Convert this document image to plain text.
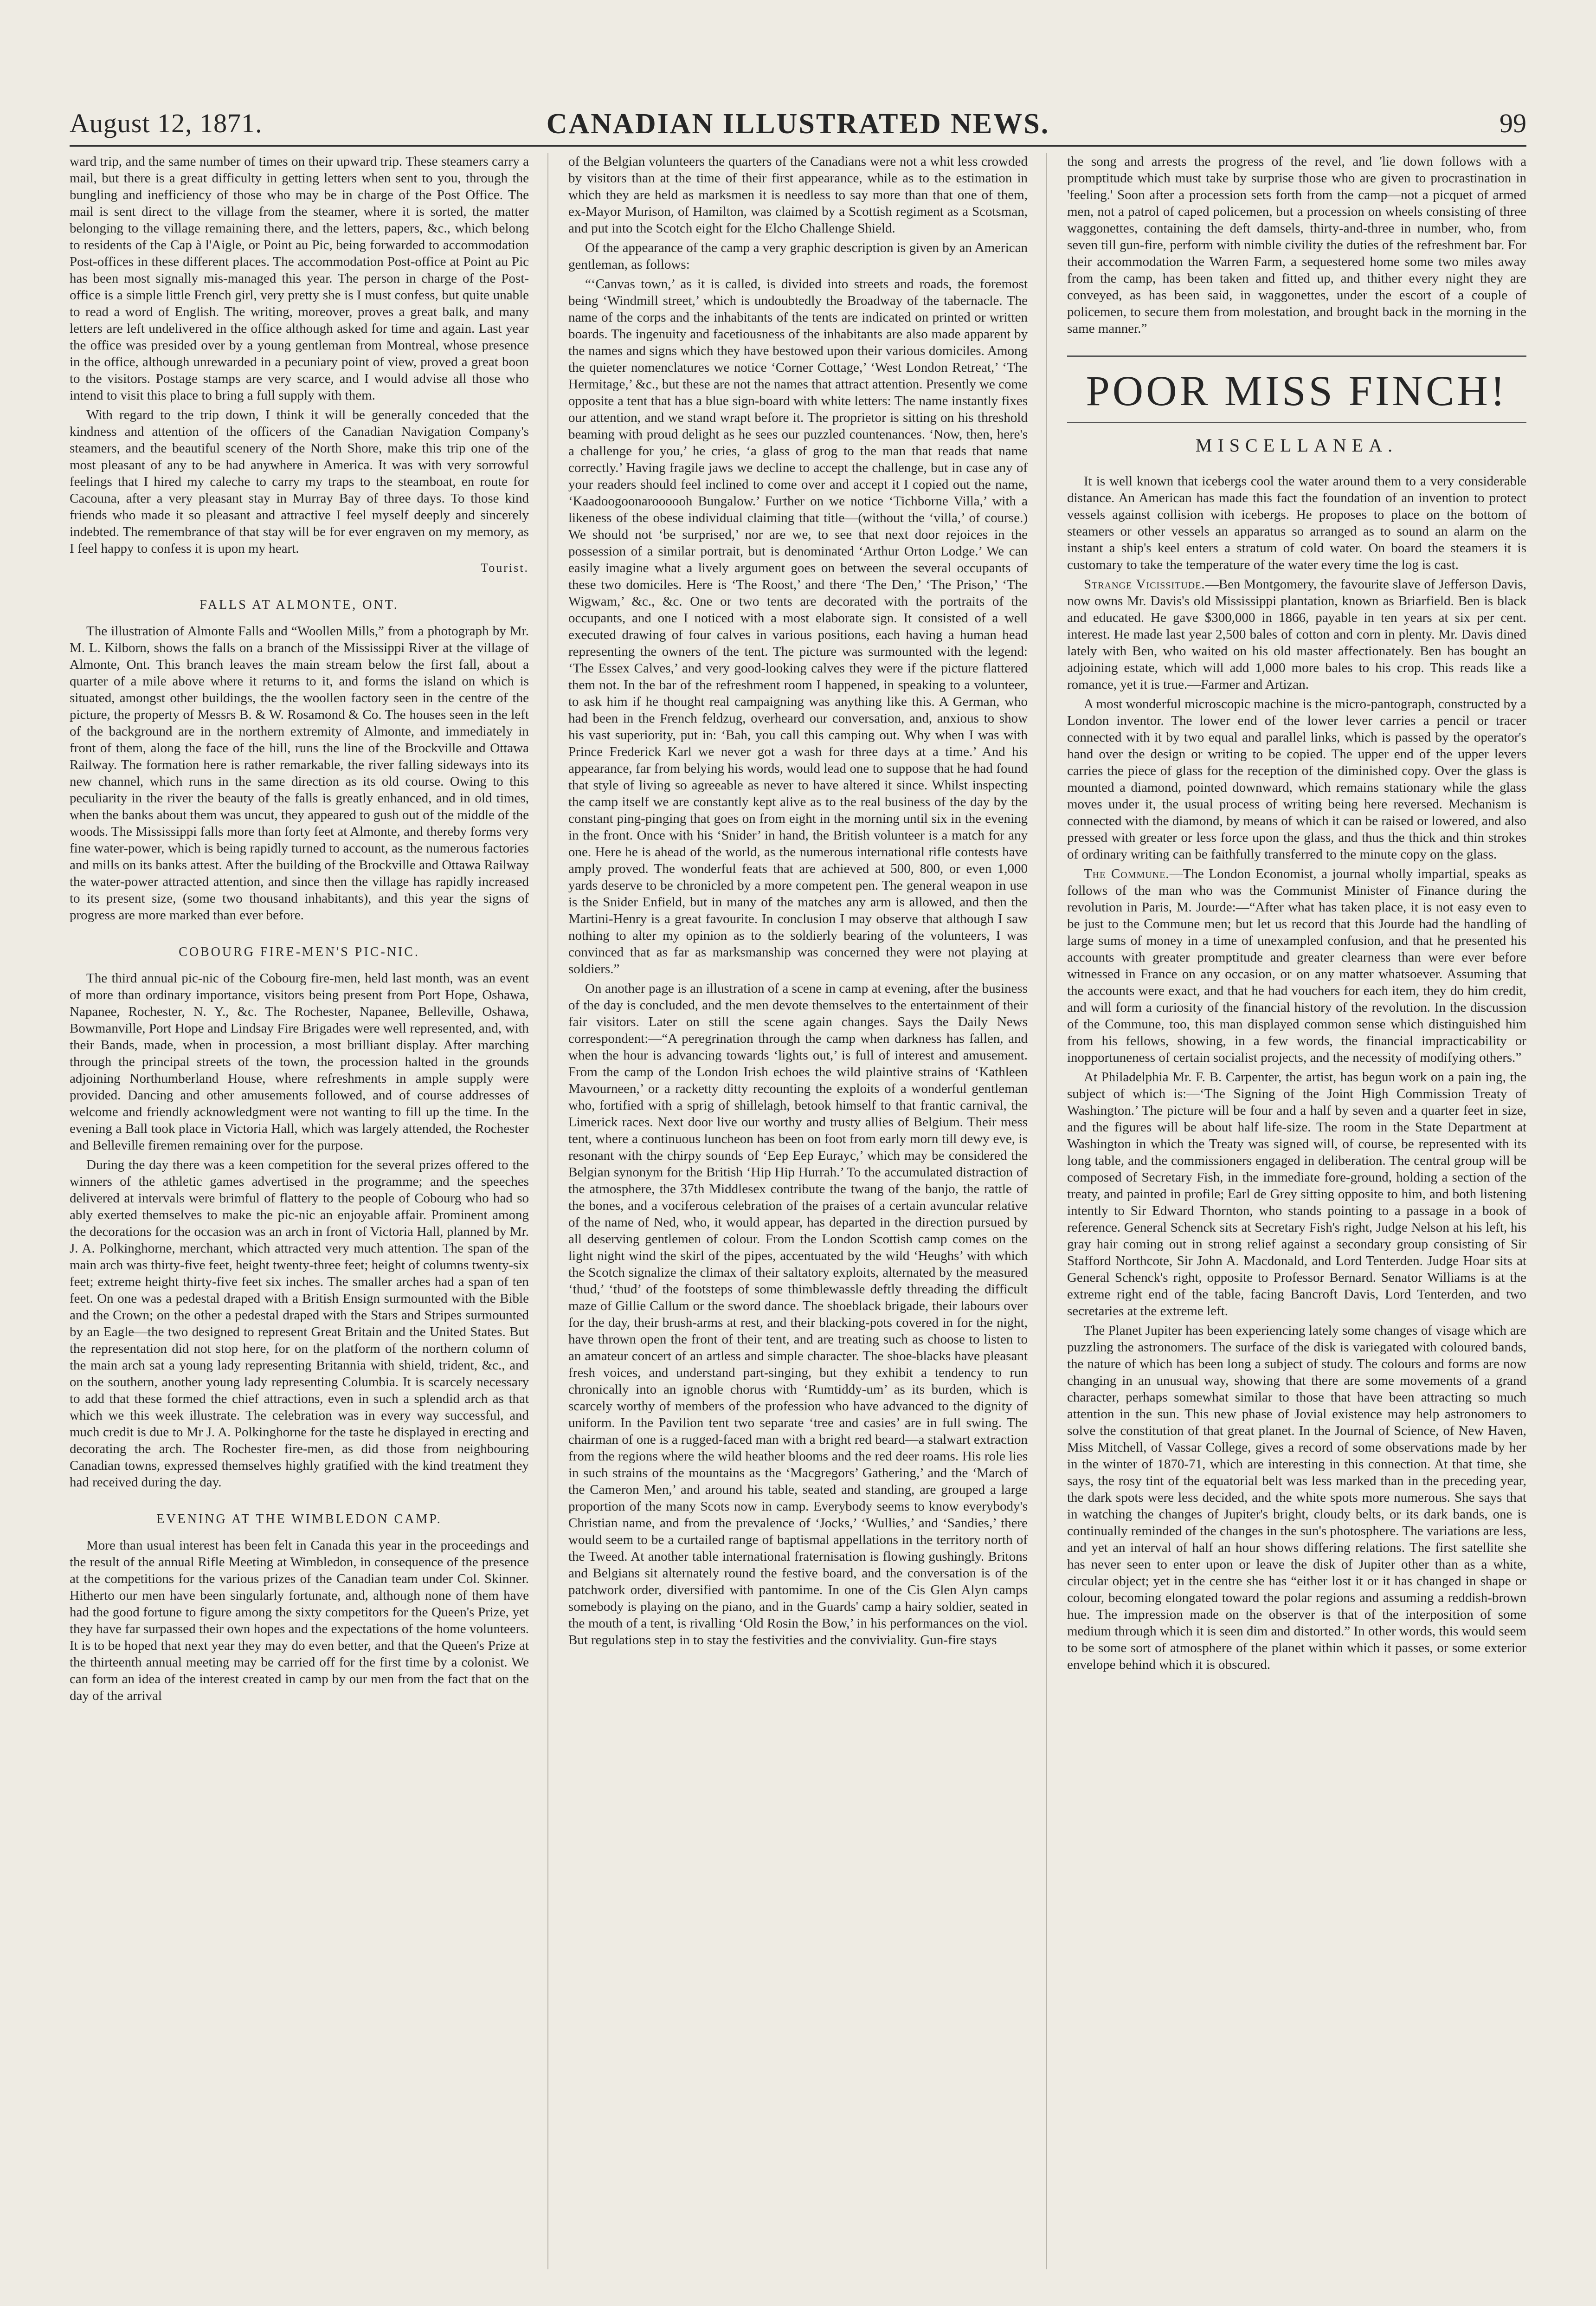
August 12, 1871.	CANADIAN ILLUSTRATED NEWS.	99

ward trip, and the same number of times on their upward trip. These steamers carry a mail, but there is a great difficulty in getting letters when sent to you, through the bungling and inefficiency of those who may be in charge of the Post Office. The mail is sent direct to the village from the steamer, where it is sorted, the matter belonging to the village remaining there, and the letters, papers, &c., which belong to residents of the Cap à l'Aigle, or Point au Pic, being forwarded to accommodation Post-offices in these different places. The accommodation Post-office at Point au Pic has been most signally mis-managed this year. The person in charge of the Post-office is a simple little French girl, very pretty she is I must confess, but quite unable to read a word of English. The writing, moreover, proves a great balk, and many letters are left undelivered in the office although asked for time and again. Last year the office was presided over by a young gentleman from Montreal, whose presence in the office, although unrewarded in a pecuniary point of view, proved a great boon to the visitors. Postage stamps are very scarce, and I would advise all those who intend to visit this place to bring a full supply with them.

With regard to the trip down, I think it will be generally conceded that the kindness and attention of the officers of the Canadian Navigation Company's steamers, and the beautiful scenery of the North Shore, make this trip one of the most pleasant of any to be had anywhere in America. It was with very sorrowful feelings that I hired my caleche to carry my traps to the steamboat, en route for Cacouna, after a very pleasant stay in Murray Bay of three days. To those kind friends who made it so pleasant and attractive I feel myself deeply and sincerely indebted. The remembrance of that stay will be for ever engraven on my memory, as I feel happy to confess it is upon my heart.

Tourist.

FALLS AT ALMONTE, ONT.

The illustration of Almonte Falls and “Woollen Mills,” from a photograph by Mr. M. L. Kilborn, shows the falls on a branch of the Mississippi River at the village of Almonte, Ont. This branch leaves the main stream below the first fall, about a quarter of a mile above where it returns to it, and forms the island on which is situated, amongst other buildings, the the woollen factory seen in the centre of the picture, the property of Messrs B. & W. Rosamond & Co. The houses seen in the left of the background are in the northern extremity of Almonte, and immediately in front of them, along the face of the hill, runs the line of the Brockville and Ottawa Railway. The formation here is rather remarkable, the river falling sideways into its new channel, which runs in the same direction as its old course. Owing to this peculiarity in the river the beauty of the falls is greatly enhanced, and in old times, when the banks about them was uncut, they appeared to gush out of the middle of the woods. The Mississippi falls more than forty feet at Almonte, and thereby forms very fine water-power, which is being rapidly turned to account, as the numerous factories and mills on its banks attest. After the building of the Brockville and Ottawa Railway the water-power attracted attention, and since then the village has rapidly increased to its present size, (some two thousand inhabitants), and this year the signs of progress are more marked than ever before.

COBOURG FIRE-MEN'S PIC-NIC.

The third annual pic-nic of the Cobourg fire-men, held last month, was an event of more than ordinary importance, visitors being present from Port Hope, Oshawa, Napanee, Rochester, N. Y., &c. The Rochester, Napanee, Belleville, Oshawa, Bowmanville, Port Hope and Lindsay Fire Brigades were well represented, and, with their Bands, made, when in procession, a most brilliant display. After marching through the principal streets of the town, the procession halted in the grounds adjoining Northumberland House, where refreshments in ample supply were provided. Dancing and other amusements followed, and of course addresses of welcome and friendly acknowledgment were not wanting to fill up the time. In the evening a Ball took place in Victoria Hall, which was largely attended, the Rochester and Belleville firemen remaining over for the purpose.

During the day there was a keen competition for the several prizes offered to the winners of the athletic games advertised in the programme; and the speeches delivered at intervals were brimful of flattery to the people of Cobourg who had so ably exerted themselves to make the pic-nic an enjoyable affair. Prominent among the decorations for the occasion was an arch in front of Victoria Hall, planned by Mr. J. A. Polkinghorne, merchant, which attracted very much attention. The span of the main arch was thirty-five feet, height twenty-three feet; height of columns twenty-six feet; extreme height thirty-five feet six inches. The smaller arches had a span of ten feet. On one was a pedestal draped with a British Ensign surmounted with the Bible and the Crown; on the other a pedestal draped with the Stars and Stripes surmounted by an Eagle—the two designed to represent Great Britain and the United States. But the representation did not stop here, for on the platform of the northern column of the main arch sat a young lady representing Britannia with shield, trident, &c., and on the southern, another young lady representing Columbia. It is scarcely necessary to add that these formed the chief attractions, even in such a splendid arch as that which we this week illustrate. The celebration was in every way successful, and much credit is due to Mr J. A. Polkinghorne for the taste he displayed in erecting and decorating the arch. The Rochester fire-men, as did those from neighbouring Canadian towns, expressed themselves highly gratified with the kind treatment they had received during the day.

EVENING AT THE WIMBLEDON CAMP.

More than usual interest has been felt in Canada this year in the proceedings and the result of the annual Rifle Meeting at Wimbledon, in consequence of the presence at the competitions for the various prizes of the Canadian team under Col. Skinner. Hitherto our men have been singularly fortunate, and, although none of them have had the good fortune to figure among the sixty competitors for the Queen's Prize, yet they have far surpassed their own hopes and the expectations of the home volunteers. It is to be hoped that next year they may do even better, and that the Queen's Prize at the thirteenth annual meeting may be carried off for the first time by a colonist. We can form an idea of the interest created in camp by our men from the fact that on the day of the arrival

of the Belgian volunteers the quarters of the Canadians were not a whit less crowded by visitors than at the time of their first appearance, while as to the estimation in which they are held as marksmen it is needless to say more than that one of them, ex-Mayor Murison, of Hamilton, was claimed by a Scottish regiment as a Scotsman, and put into the Scotch eight for the Elcho Challenge Shield.

Of the appearance of the camp a very graphic description is given by an American gentleman, as follows:

“‘Canvas town,’ as it is called, is divided into streets and roads, the foremost being ‘Windmill street,’ which is undoubtedly the Broadway of the tabernacle. The name of the corps and the inhabitants of the tents are indicated on printed or written boards. The ingenuity and facetiousness of the inhabitants are also made apparent by the names and signs which they have bestowed upon their various domiciles. Among the quieter nomenclatures we notice ‘Corner Cottage,’ ‘West London Retreat,’ ‘The Hermitage,’ &c., but these are not the names that attract attention. Presently we come opposite a tent that has a blue sign-board with white letters: The name instantly fixes our attention, and we stand wrapt before it. The proprietor is sitting on his threshold beaming with proud delight as he sees our puzzled countenances. ‘Now, then, here's a challenge for you,’ he cries, ‘a glass of grog to the man that reads that name correctly.’ Having fragile jaws we decline to accept the challenge, but in case any of your readers should feel inclined to come over and accept it I copied out the name, ‘Kaadoogoonaroooooh Bungalow.’ Further on we notice ‘Tichborne Villa,’ with a likeness of the obese individual claiming that title—(without the ‘villa,’ of course.) We should not ‘be surprised,’ nor are we, to see that next door rejoices in the possession of a similar portrait, but is denominated ‘Arthur Orton Lodge.’ We can easily imagine what a lively argument goes on between the several occupants of these two domiciles. Here is ‘The Roost,’ and there ‘The Den,’ ‘The Prison,’ ‘The Wigwam,’ &c., &c. One or two tents are decorated with the portraits of the occupants, and one I noticed with a most elaborate sign. It consisted of a well executed drawing of four calves in various positions, each having a human head representing the owners of the tent. The picture was surmounted with the legend: ‘The Essex Calves,’ and very good-looking calves they were if the picture flattered them not. In the bar of the refreshment room I happened, in speaking to a volunteer, to ask him if he thought real campaigning was anything like this. A German, who had been in the French feldzug, overheard our conversation, and, anxious to show his vast superiority, put in: ‘Bah, you call this camping out. Why when I was with Prince Frederick Karl we never got a wash for three days at a time.’ And his appearance, far from belying his words, would lead one to suppose that he had found that style of living so agreeable as never to have altered it since. Whilst inspecting the camp itself we are constantly kept alive as to the real business of the day by the constant ping-pinging that goes on from eight in the morning until six in the evening in the front. Once with his ‘Snider’ in hand, the British volunteer is a match for any one. Here he is ahead of the world, as the numerous international rifle contests have amply proved. The wonderful feats that are achieved at 500, 800, or even 1,000 yards deserve to be chronicled by a more competent pen. The general weapon in use is the Snider Enfield, but in many of the matches any arm is allowed, and then the Martini-Henry is a great favourite. In conclusion I may observe that although I saw nothing to alter my opinion as to the soldierly bearing of the volunteers, I was convinced that as far as marksmanship was concerned they were not playing at soldiers.”

On another page is an illustration of a scene in camp at evening, after the business of the day is concluded, and the men devote themselves to the entertainment of their fair visitors. Later on still the scene again changes. Says the Daily News correspondent:—“A peregrination through the camp when darkness has fallen, and when the hour is advancing towards ‘lights out,’ is full of interest and amusement. From the camp of the London Irish echoes the wild plaintive strains of ‘Kathleen Mavourneen,’ or a racketty ditty recounting the exploits of a wonderful gentleman who, fortified with a sprig of shillelagh, betook himself to that frantic carnival, the Limerick races. Next door live our worthy and trusty allies of Belgium. Their mess tent, where a continuous luncheon has been on foot from early morn till dewy eve, is resonant with the chirpy sounds of ‘Eep Eep Eurayc,’ which may be considered the Belgian synonym for the British ‘Hip Hip Hurrah.’ To the accumulated distraction of the atmosphere, the 37th Middlesex contribute the twang of the banjo, the rattle of the bones, and a vociferous celebration of the praises of a certain avuncular relative of the name of Ned, who, it would appear, has departed in the direction pursued by all deserving gentlemen of colour. From the London Scottish camp comes on the light night wind the skirl of the pipes, accentuated by the wild ‘Heughs’ with which the Scotch signalize the climax of their saltatory exploits, alternated by the measured ‘thud,’ ‘thud’ of the footsteps of some thimblewassle deftly threading the difficult maze of Gillie Callum or the sword dance. The shoeblack brigade, their labours over for the day, their brush-arms at rest, and their blacking-pots covered in for the night, have thrown open the front of their tent, and are treating such as choose to listen to an amateur concert of an artless and simple character. The shoe-blacks have pleasant fresh voices, and understand part-singing, but they exhibit a tendency to run chronically into an ignoble chorus with ‘Rumtiddy-um’ as its burden, which is scarcely worthy of members of the profession who have advanced to the dignity of uniform. In the Pavilion tent two separate ‘tree and casies’ are in full swing. The chairman of one is a rugged-faced man with a bright red beard—a stalwart extraction from the regions where the wild heather blooms and the red deer roams. His role lies in such strains of the mountains as the ‘Macgregors’ Gathering,’ and the ‘March of the Cameron Men,’ and around his table, seated and standing, are grouped a large proportion of the many Scots now in camp. Everybody seems to know everybody's Christian name, and from the prevalence of ‘Jocks,’ ‘Wullies,’ and ‘Sandies,’ there would seem to be a curtailed range of baptismal appellations in the territory north of the Tweed. At another table international fraternisation is flowing gushingly. Britons and Belgians sit alternately round the festive board, and the conversation is of the patchwork order, diversified with pantomime. In one of the Cis Glen Alyn camps somebody is playing on the piano, and in the Guards' camp a hairy soldier, seated in the mouth of a tent, is rivalling ‘Old Rosin the Bow,’ in his performances on the viol. But regulations step in to stay the festivities and the conviviality. Gun-fire stays

the song and arrests the progress of the revel, and 'lie down follows with a promptitude which must take by surprise those who are given to procrastination in 'feeling.' Soon after a procession sets forth from the camp—not a picquet of armed men, not a patrol of caped policemen, but a procession on wheels consisting of three waggonettes, containing the deft damsels, thirty-and-three in number, who, from seven till gun-fire, perform with nimble civility the duties of the refreshment bar. For their accommodation the Warren Farm, a sequestered home some two miles away from the camp, has been taken and fitted up, and thither every night they are conveyed, as has been said, in waggonettes, under the escort of a couple of policemen, to secure them from molestation, and brought back in the morning in the same manner.”

POOR MISS FINCH!
MISCELLANEA.

It is well known that icebergs cool the water around them to a very considerable distance. An American has made this fact the foundation of an invention to protect vessels against collision with icebergs. He proposes to place on the bottom of steamers or other vessels an apparatus so arranged as to sound an alarm on the instant a ship's keel enters a stratum of cold water. On board the steamers it is customary to take the temperature of the water every time the log is cast.

Strange Vicissitude.—Ben Montgomery, the favourite slave of Jefferson Davis, now owns Mr. Davis's old Mississippi plantation, known as Briarfield. Ben is black and educated. He gave $300,000 in 1866, payable in ten years at six per cent. interest. He made last year 2,500 bales of cotton and corn in plenty. Mr. Davis dined lately with Ben, who waited on his old master affectionately. Ben has bought an adjoining estate, which will add 1,000 more bales to his crop. This reads like a romance, yet it is true.—Farmer and Artizan.

A most wonderful microscopic machine is the micro-pantograph, constructed by a London inventor. The lower end of the lower lever carries a pencil or tracer connected with it by two equal and parallel links, which is passed by the operator's hand over the design or writing to be copied. The upper end of the upper levers carries the piece of glass for the reception of the diminished copy. Over the glass is mounted a diamond, pointed downward, which remains stationary while the glass moves under it, the usual process of writing being here reversed. Mechanism is connected with the diamond, by means of which it can be raised or lowered, and also pressed with greater or less force upon the glass, and thus the thick and thin strokes of ordinary writing can be faithfully transferred to the minute copy on the glass.

The Commune.—The London Economist, a journal wholly impartial, speaks as follows of the man who was the Communist Minister of Finance during the revolution in Paris, M. Jourde:—“After what has taken place, it is not easy even to be just to the Commune men; but let us record that this Jourde had the handling of large sums of money in a time of unexampled confusion, and that he presented his accounts with greater promptitude and greater clearness than were ever before witnessed in France on any occasion, or on any matter whatsoever. Assuming that the accounts were exact, and that he had vouchers for each item, they do him credit, and will form a curiosity of the financial history of the revolution. In the discussion of the Commune, too, this man displayed common sense which distinguished him from his fellows, showing, in a few words, the financial impracticability or inopportuneness of certain socialist projects, and the necessity of modifying others.”

At Philadelphia Mr. F. B. Carpenter, the artist, has begun work on a pain ing, the subject of which is:—‘The Signing of the Joint High Commission Treaty of Washington.’ The picture will be four and a half by seven and a quarter feet in size, and the figures will be about half life-size. The room in the State Department at Washington in which the Treaty was signed will, of course, be represented with its long table, and the commissioners engaged in deliberation. The central group will be composed of Secretary Fish, in the immediate fore-ground, holding a section of the treaty, and painted in profile; Earl de Grey sitting opposite to him, and both listening intently to Sir Edward Thornton, who stands pointing to a passage in a book of reference. General Schenck sits at Secretary Fish's right, Judge Nelson at his left, his gray hair coming out in strong relief against a secondary group consisting of Sir Stafford Northcote, Sir John A. Macdonald, and Lord Tenterden. Judge Hoar sits at General Schenck's right, opposite to Professor Bernard. Senator Williams is at the extreme right end of the table, facing Bancroft Davis, Lord Tenterden, and two secretaries at the extreme left.

The Planet Jupiter has been experiencing lately some changes of visage which are puzzling the astronomers. The surface of the disk is variegated with coloured bands, the nature of which has been long a subject of study. The colours and forms are now changing in an unusual way, showing that there are some movements of a grand character, perhaps somewhat similar to those that have been attracting so much attention in the sun. This new phase of Jovial existence may help astronomers to solve the constitution of that great planet. In the Journal of Science, of New Haven, Miss Mitchell, of Vassar College, gives a record of some observations made by her in the winter of 1870-71, which are interesting in this connection. At that time, she says, the rosy tint of the equatorial belt was less marked than in the preceding year, the dark spots were less decided, and the white spots more numerous. She says that in watching the changes of Jupiter's bright, cloudy belts, or its dark bands, one is continually reminded of the changes in the sun's photosphere. The variations are less, and yet an interval of half an hour shows differing relations. The first satellite she has never seen to enter upon or leave the disk of Jupiter other than as a white, circular object; yet in the centre she has “either lost it or it has changed in shape or colour, becoming elongated toward the polar regions and assuming a reddish-brown hue. The impression made on the observer is that of the interposition of some medium through which it is seen dim and distorted.” In other words, this would seem to be some sort of atmosphere of the planet within which it passes, or some exterior envelope behind which it is obscured.
